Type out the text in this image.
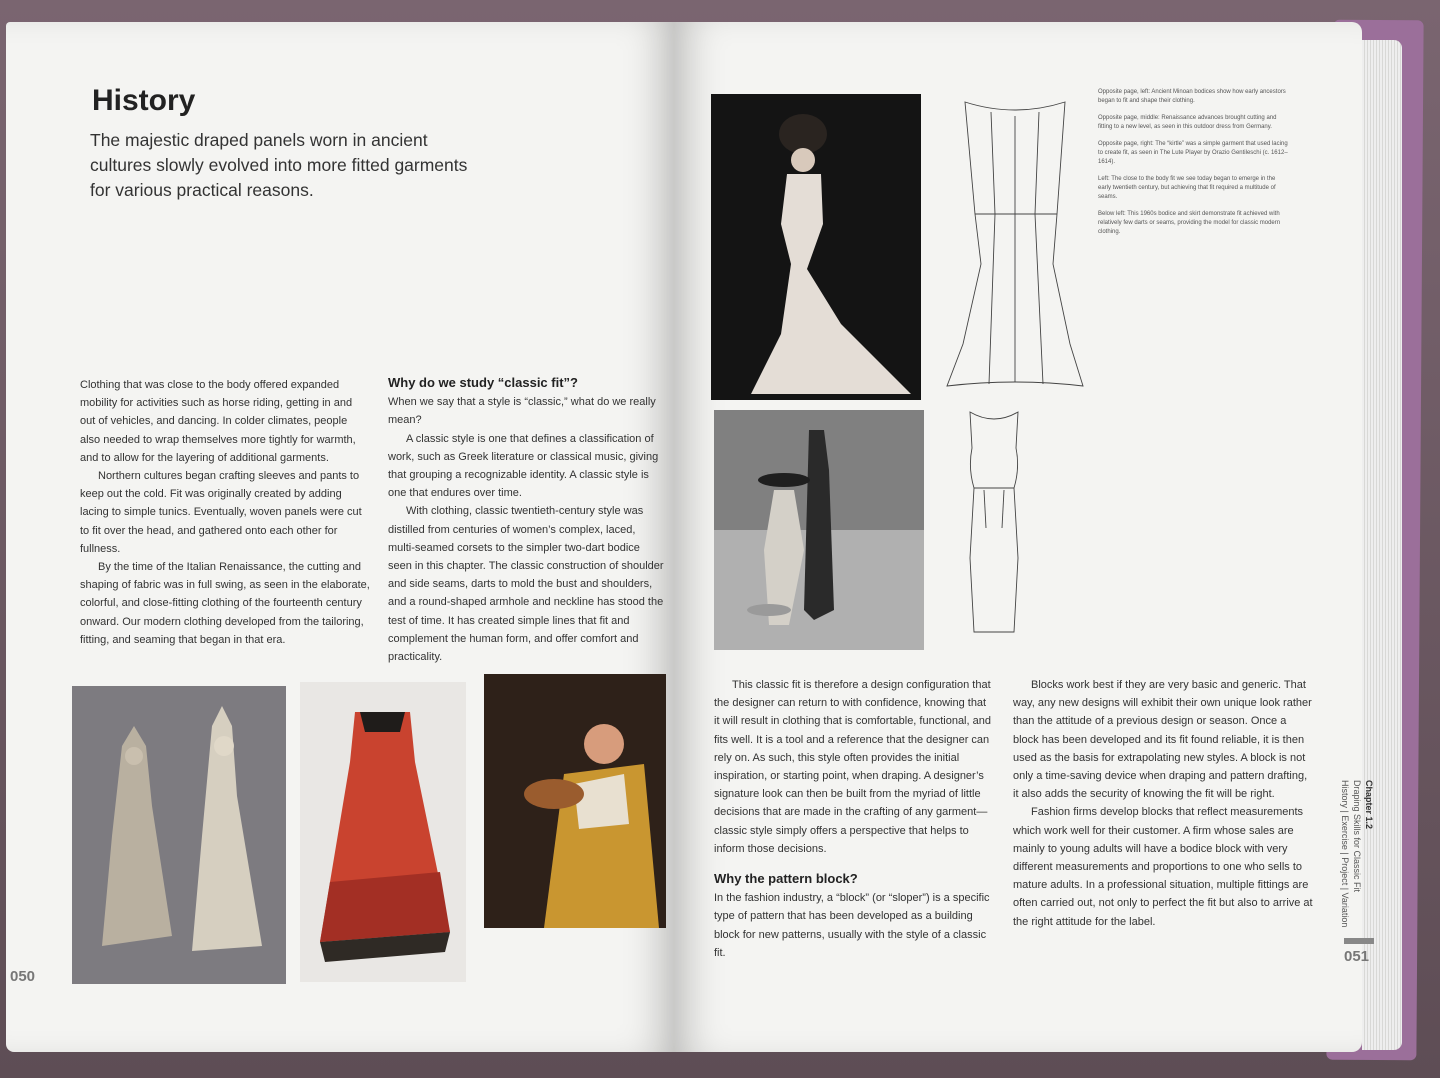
History

The majestic draped panels worn in ancient cultures slowly evolved into more fitted garments for various practical reasons.

Clothing that was close to the body offered expanded mobility for activities such as horse riding, getting in and out of vehicles, and dancing. In colder climates, people also needed to wrap themselves more tightly for warmth, and to allow for the layering of additional garments.

Northern cultures began crafting sleeves and pants to keep out the cold. Fit was originally created by adding lacing to simple tunics. Eventually, woven panels were cut to fit over the head, and gathered onto each other for fullness.

By the time of the Italian Renaissance, the cutting and shaping of fabric was in full swing, as seen in the elaborate, colorful, and close-fitting clothing of the fourteenth century onward. Our modern clothing developed from the tailoring, fitting, and seaming that began in that era.

Why do we study “classic fit”?

When we say that a style is “classic,” what do we really mean?

A classic style is one that defines a classification of work, such as Greek literature or classical music, giving that grouping a recognizable identity. A classic style is one that endures over time.

With clothing, classic twentieth-century style was distilled from centuries of women’s complex, laced, multi-seamed corsets to the simpler two-dart bodice seen in this chapter. The classic construction of shoulder and side seams, darts to mold the bust and shoulders, and a round-shaped armhole and neckline has stood the test of time. It has created simple lines that fit and complement the human form, and offer comfort and practicality.

050

Opposite page, left: Ancient Minoan bodices show how early ancestors began to fit and shape their clothing.

Opposite page, middle: Renaissance advances brought cutting and fitting to a new level, as seen in this outdoor dress from Germany.

Opposite page, right: The “kirtle” was a simple garment that used lacing to create fit, as seen in The Lute Player by Orazio Gentileschi (c. 1612–1614).

Left: The close to the body fit we see today began to emerge in the early twentieth century, but achieving that fit required a multitude of seams.

Below left: This 1960s bodice and skirt demonstrate fit achieved with relatively few darts or seams, providing the model for classic modern clothing.

This classic fit is therefore a design configuration that the designer can return to with confidence, knowing that it will result in clothing that is comfortable, functional, and fits well. It is a tool and a reference that the designer can rely on. As such, this style often provides the initial inspiration, or starting point, when draping. A designer’s signature look can then be built from the myriad of little decisions that are made in the crafting of any garment—classic style simply offers a perspective that helps to inform those decisions.

Why the pattern block?

In the fashion industry, a “block” (or “sloper”) is a specific type of pattern that has been developed as a building block for new patterns, usually with the style of a classic fit.

Blocks work best if they are very basic and generic. That way, any new designs will exhibit their own unique look rather than the attitude of a previous design or season. Once a block has been developed and its fit found reliable, it is then used as the basis for extrapolating new styles. A block is not only a time-saving device when draping and pattern drafting, it also adds the security of knowing the fit will be right.

Fashion firms develop blocks that reflect measurements which work well for their customer. A firm whose sales are mainly to young adults will have a bodice block with very different measurements and proportions to one who sells to mature adults. In a professional situation, multiple fittings are often carried out, not only to perfect the fit but also to arrive at the right attitude for the label.

Chapter 1.2
Draping Skills for Classic Fit
History | Exercise | Project | Variation
051
